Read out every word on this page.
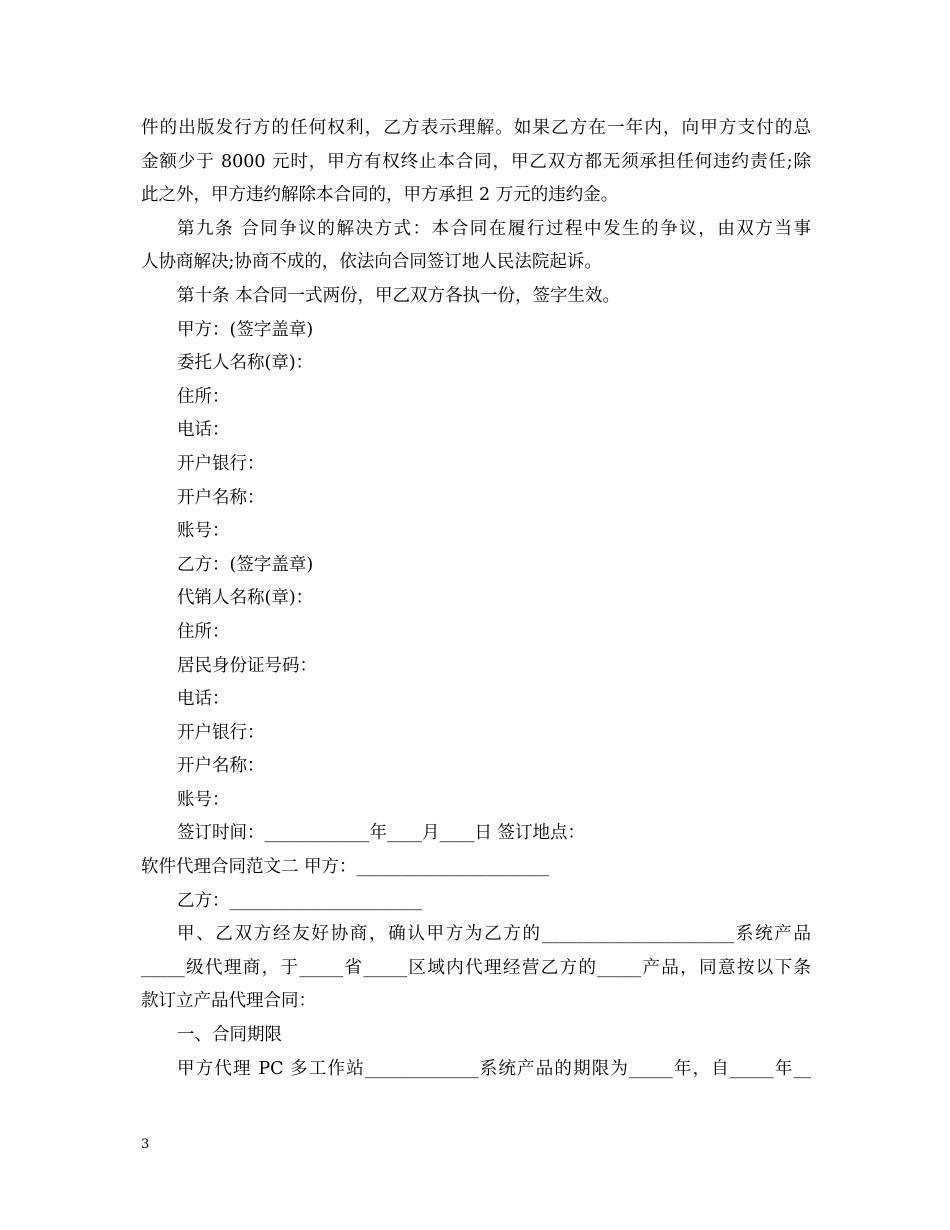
件的出版发行方的任何权利，乙方表示理解。如果乙方在一年内，向甲方支付的总
金额少于 8000 元时，甲方有权终止本合同，甲乙双方都无须承担任何违约责任;除
此之外，甲方违约解除本合同的，甲方承担 2 万元的违约金。
第九条 合同争议的解决方式：本合同在履行过程中发生的争议，由双方当事
人协商解决;协商不成的，依法向合同签订地人民法院起诉。
第十条 本合同一式两份，甲乙双方各执一份，签字生效。
甲方：(签字盖章)
委托人名称(章)：
住所：
电话：
开户银行：
开户名称：
账号：
乙方：(签字盖章)
代销人名称(章)：
住所：
居民身份证号码：
电话：
开户银行：
开户名称：
账号：
签订时间：____________年____月____日 签订地点：
软件代理合同范文二 甲方：______________________
乙方：______________________
甲、乙双方经友好协商，确认甲方为乙方的______________________系统产品
_____级代理商，于_____省_____区域内代理经营乙方的_____产品，同意按以下条
款订立产品代理合同：
一、合同期限
甲方代理 PC 多工作站_____________系统产品的期限为_____年，自_____年__
3
